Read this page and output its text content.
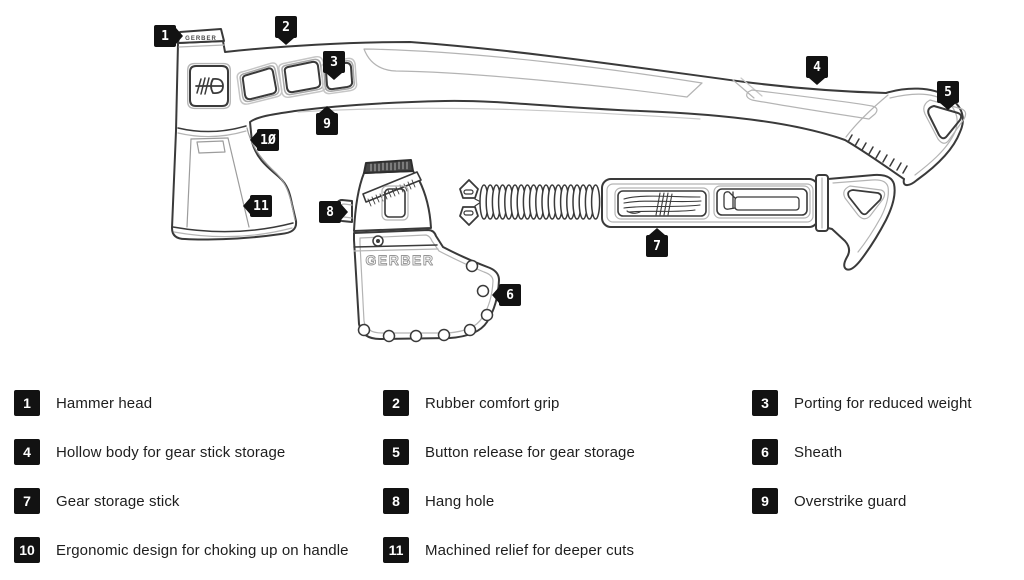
GERBER
GERBER
1
2
3	4
5
6
7
8
9
1Ø
11
1	Hammer head	2	Rubber comfort grip	3	Porting for reduced weight
4	Hollow body for gear stick storage	5	Button release for gear storage	6	Sheath
7	Gear storage stick	8	Hang hole	9	Overstrike guard
10	Ergonomic design for choking up on handle	11	Machined relief for deeper cuts
